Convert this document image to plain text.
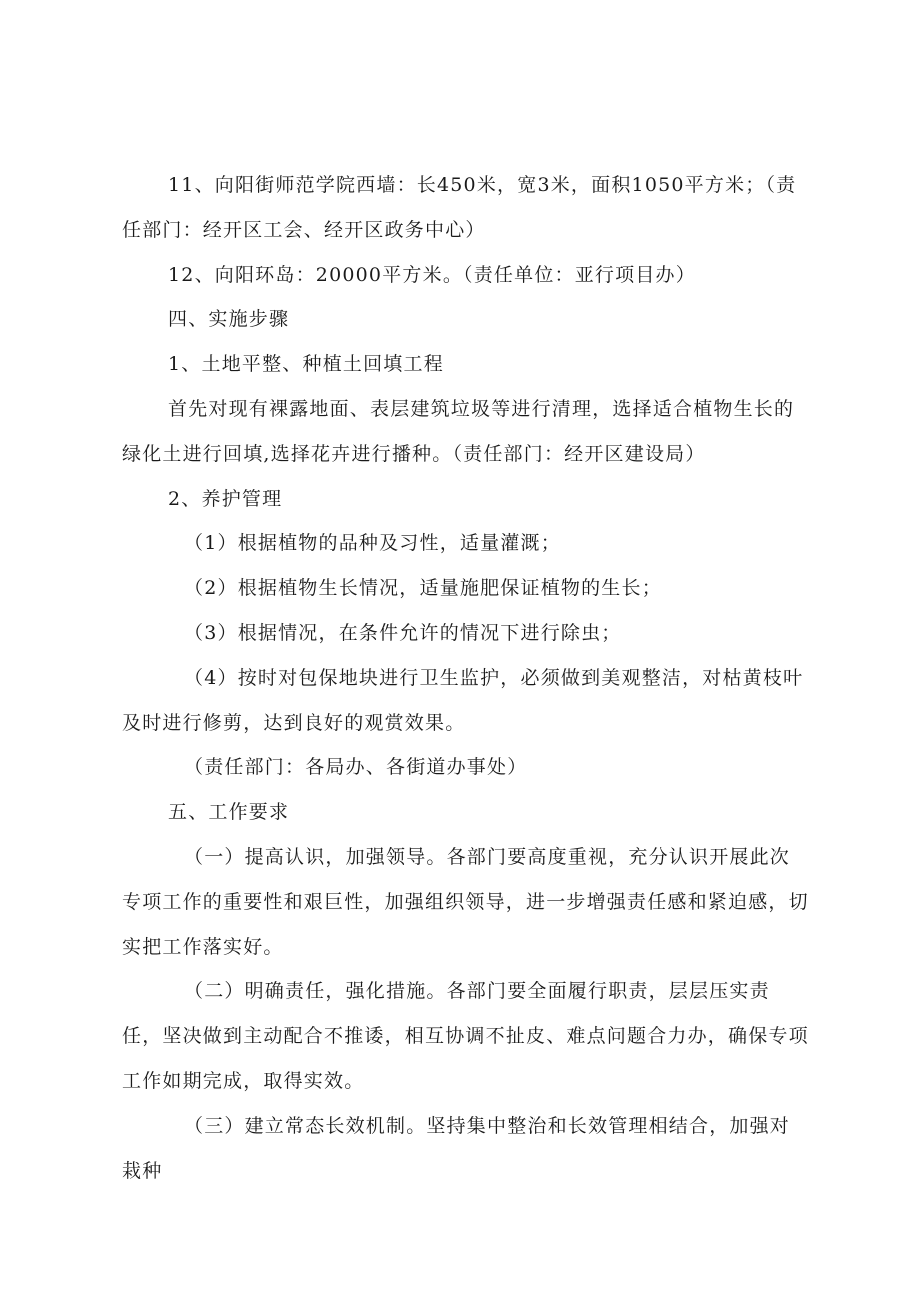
11、向阳街师范学院西墙：长450米，宽3米，面积1050平方米；（责任部门：经开区工会、经开区政务中心）

12、向阳环岛：20000平方米。（责任单位：亚行项目办）

四、实施步骤

1、土地平整、种植土回填工程

首先对现有裸露地面、表层建筑垃圾等进行清理，选择适合植物生长的绿化土进行回填,选择花卉进行播种。（责任部门：经开区建设局）

2、养护管理

（1）根据植物的品种及习性，适量灌溉；

（2）根据植物生长情况，适量施肥保证植物的生长；

（3）根据情况，在条件允许的情况下进行除虫；

（4）按时对包保地块进行卫生监护，必须做到美观整洁，对枯黄枝叶及时进行修剪，达到良好的观赏效果。

（责任部门：各局办、各街道办事处）

五、工作要求

（一）提高认识，加强领导。各部门要高度重视，充分认识开展此次专项工作的重要性和艰巨性，加强组织领导，进一步增强责任感和紧迫感，切实把工作落实好。

（二）明确责任，强化措施。各部门要全面履行职责，层层压实责任，坚决做到主动配合不推诿，相互协调不扯皮、难点问题合力办，确保专项工作如期完成，取得实效。

（三）建立常态长效机制。坚持集中整治和长效管理相结合，加强对栽种
